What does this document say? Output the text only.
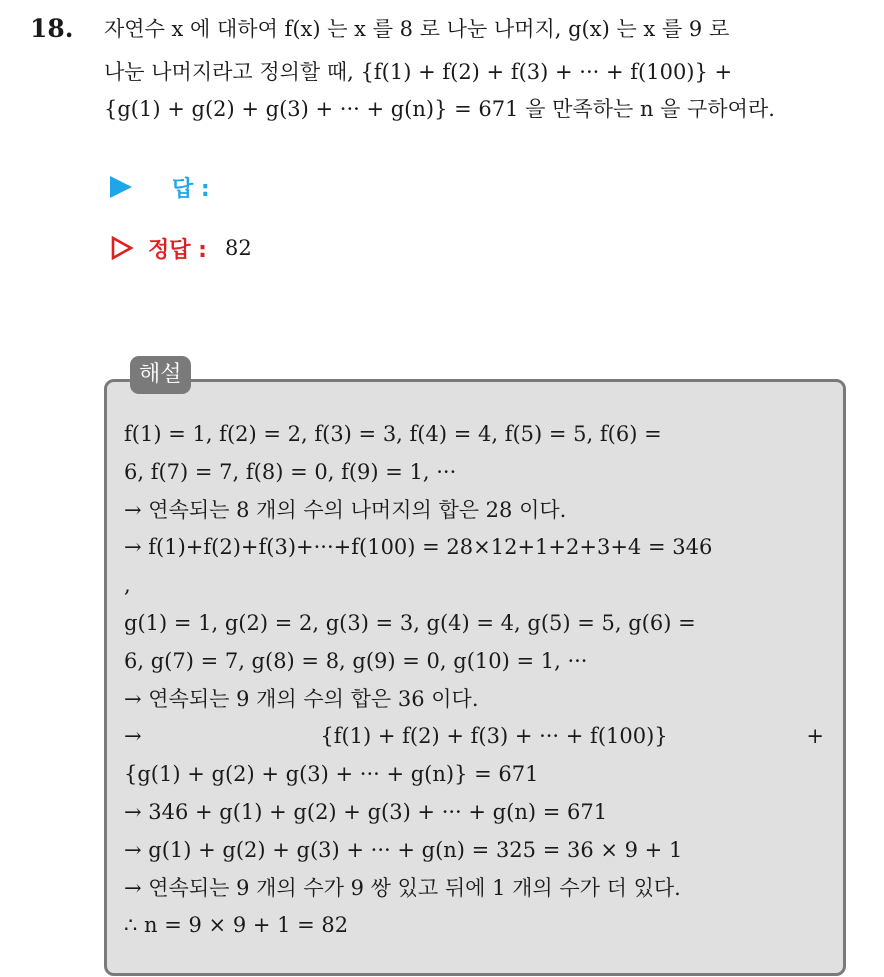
18. 자연수 x 에 대하여 f(x) 는 x 를 8 로 나눈 나머지, g(x) 는 x 를 9 로
나눈 나머지라고 정의할 때, {f(1) + f(2) + f(3) + ··· + f(100)} +
{g(1) + g(2) + g(3) + ··· + g(n)} = 671 을 만족하는 n 을 구하여라.
답 :
정답 : 82
해설
f(1) = 1, f(2) = 2, f(3) = 3, f(4) = 4, f(5) = 5, f(6) =
6, f(7) = 7, f(8) = 0, f(9) = 1, ···
→ 연속되는 8 개의 수의 나머지의 합은 28 이다.
→ f(1)+f(2)+f(3)+···+f(100) = 28×12+1+2+3+4 = 346
,
g(1) = 1, g(2) = 2, g(3) = 3, g(4) = 4, g(5) = 5, g(6) =
6, g(7) = 7, g(8) = 8, g(9) = 0, g(10) = 1, ···
→ 연속되는 9 개의 수의 합은 36 이다.
→	{f(1) + f(2) + f(3) + ··· + f(100)}	+
{g(1) + g(2) + g(3) + ··· + g(n)} = 671
→ 346 + g(1) + g(2) + g(3) + ··· + g(n) = 671
→ g(1) + g(2) + g(3) + ··· + g(n) = 325 = 36 × 9 + 1
→ 연속되는 9 개의 수가 9 쌍 있고 뒤에 1 개의 수가 더 있다.
∴ n = 9 × 9 + 1 = 82
